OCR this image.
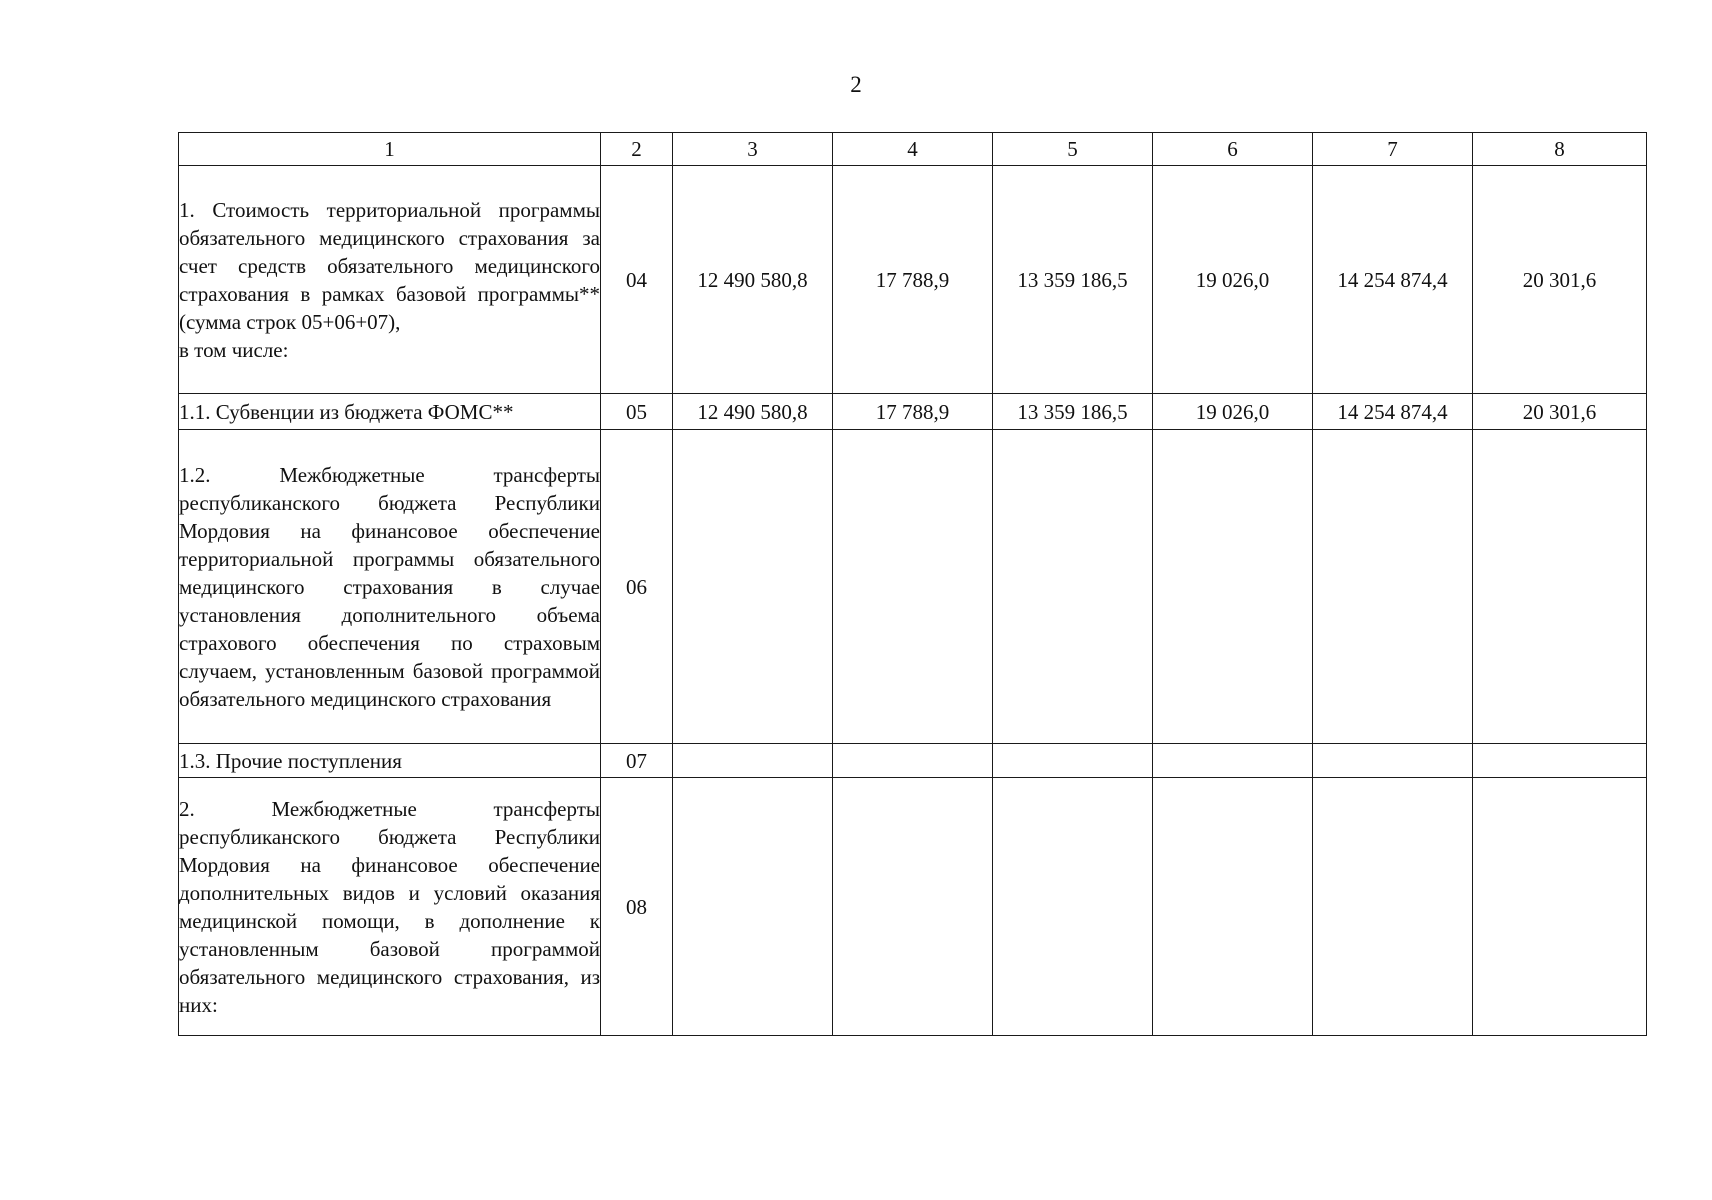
2
1	2	3	4	5	6	7	8

1. Стоимость территориальной программы обязательного медицинского страхования за счет средств обязательного медицинского страхования в рамках базовой программы** (сумма строк 05+06+07),
в том числе:	04	12 490 580,8	17 788,9	13 359 186,5	19 026,0	14 254 874,4	20 301,6
1.1. Субвенции из бюджета ФОМС**	05	12 490 580,8	17 788,9	13 359 186,5	19 026,0	14 254 874,4	20 301,6
1.2. Межбюджетные трансферты республиканского бюджета Республики Мордовия на финансовое обеспечение территориальной программы обязательного медицинского страхования в случае установления дополнительного объема страхового обеспечения по страховым случаем, установленным базовой программой обязательного медицинского страхования	06						
1.3. Прочие поступления	07						
2. Межбюджетные трансферты республиканского бюджета Республики Мордовия на финансовое обеспечение дополнительных видов и условий оказания медицинской помощи, в дополнение к установленным базовой программой обязательного медицинского страхования, из них:	08						
